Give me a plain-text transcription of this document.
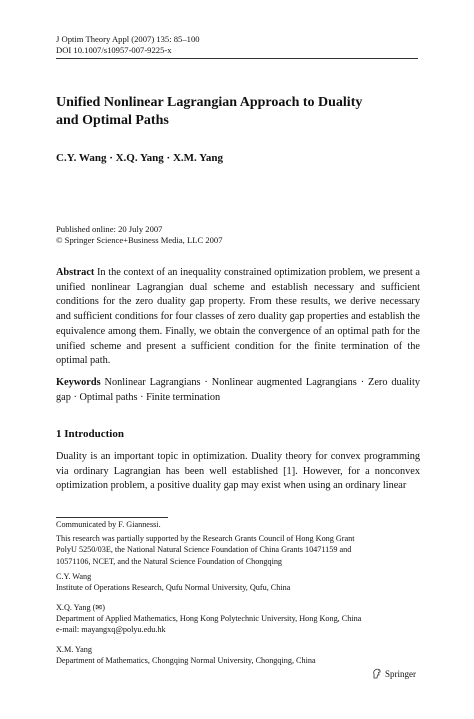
J Optim Theory Appl (2007) 135: 85–100
DOI 10.1007/s10957-007-9225-x
Unified Nonlinear Lagrangian Approach to Duality
and Optimal Paths
C.Y. Wang · X.Q. Yang · X.M. Yang
Published online: 20 July 2007
© Springer Science+Business Media, LLC 2007
Abstract In the context of an inequality constrained optimization problem, we present a unified nonlinear Lagrangian dual scheme and establish necessary and sufficient conditions for the zero duality gap property. From these results, we derive necessary and sufficient conditions for four classes of zero duality gap properties and establish the equivalence among them. Finally, we obtain the convergence of an optimal path for the unified scheme and present a sufficient condition for the finite termination of the optimal path.
Keywords Nonlinear Lagrangians · Nonlinear augmented Lagrangians · Zero duality gap · Optimal paths · Finite termination
1 Introduction
Duality is an important topic in optimization. Duality theory for convex programming via ordinary Lagrangian has been well established [1]. However, for a nonconvex optimization problem, a positive duality gap may exist when using an ordinary linear
Communicated by F. Giannessi.
This research was partially supported by the Research Grants Council of Hong Kong Grant PolyU 5250/03E, the National Natural Science Foundation of China Grants 10471159 and 10571106, NCET, and the Natural Science Foundation of Chongqing
C.Y. Wang
Institute of Operations Research, Qufu Normal University, Qufu, China
X.Q. Yang (✉)
Department of Applied Mathematics, Hong Kong Polytechnic University, Hong Kong, China
e-mail: mayangxq@polyu.edu.hk
X.M. Yang
Department of Mathematics, Chongqing Normal University, Chongqing, China
Springer
